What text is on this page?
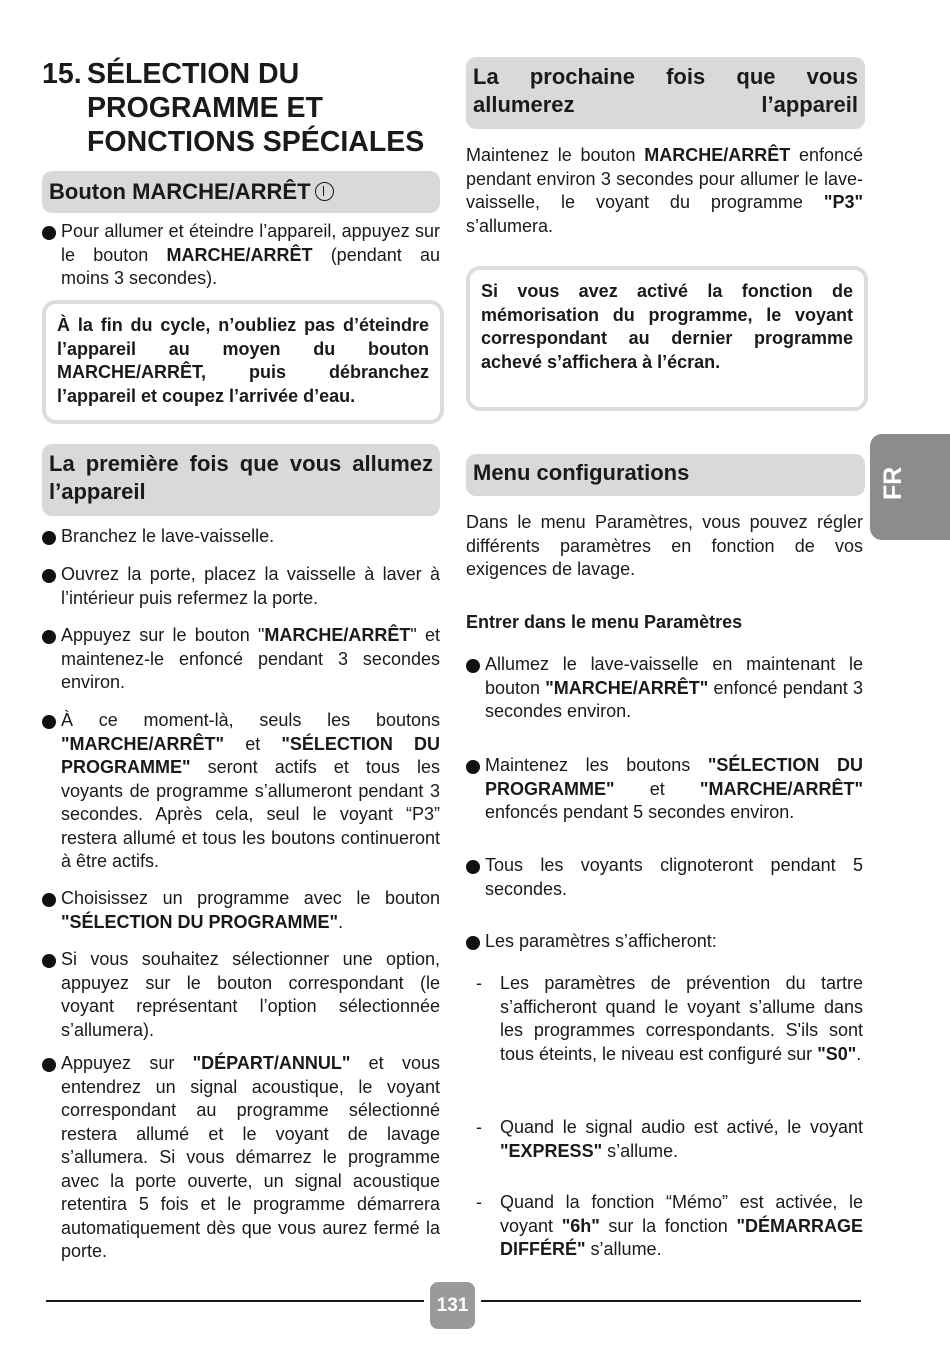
15. SÉLECTION DU
PROGRAMME ET
FONCTIONS SPÉCIALES
Bouton MARCHE/ARRÊT
Pour allumer et éteindre l’appareil, appuyez sur le bouton MARCHE/ARRÊT (pendant au moins 3 secondes).
À la fin du cycle, n’oubliez pas d’éteindre l’appareil au moyen du bouton MARCHE/ARRÊT, puis débranchez l’appareil et coupez l’arrivée d’eau.
La première fois que vous allumez l’appareil
Branchez le lave-vaisselle.
Ouvrez la porte, placez la vaisselle à laver à l’intérieur puis refermez la porte.
Appuyez sur le bouton "MARCHE/ARRÊT" et maintenez-le enfoncé pendant 3 secondes environ.
À ce moment-là, seuls les boutons "MARCHE/ARRÊT" et "SÉLECTION DU PROGRAMME" seront actifs et tous les voyants de programme s’allumeront pendant 3 secondes. Après cela, seul le voyant “P3” restera allumé et tous les boutons continueront à être actifs.
Choisissez un programme avec le bouton "SÉLECTION DU PROGRAMME".
Si vous souhaitez sélectionner une option, appuyez sur le bouton correspondant (le voyant représentant l’option sélectionnée s’allumera).
Appuyez sur "DÉPART/ANNUL" et vous entendrez un signal acoustique, le voyant correspondant au programme sélectionné restera allumé et le voyant de lavage s’allumera. Si vous démarrez le programme avec la porte ouverte, un signal acoustique retentira 5 fois et le programme démarrera automatiquement dès que vous aurez fermé la porte.
La prochaine fois que vous allumerez l’appareil
Maintenez le bouton MARCHE/ARRÊT enfoncé pendant environ 3 secondes pour allumer le lave-vaisselle, le voyant du programme "P3" s’allumera.
Si vous avez activé la fonction de mémorisation du programme, le voyant correspondant au dernier programme achevé s’affichera à l’écran.
Menu configurations
Dans le menu Paramètres, vous pouvez régler différents paramètres en fonction de vos exigences de lavage.
Entrer dans le menu Paramètres
Allumez le lave-vaisselle en maintenant le bouton "MARCHE/ARRÊT" enfoncé pendant 3 secondes environ.
Maintenez les boutons "SÉLECTION DU PROGRAMME" et "MARCHE/ARRÊT" enfoncés pendant 5 secondes environ.
Tous les voyants clignoteront pendant 5 secondes.
Les paramètres s’afficheront:
- Les paramètres de prévention du tartre s’afficheront quand le voyant s’allume dans les programmes correspondants. S'ils sont tous éteints, le niveau est configuré sur "S0".
- Quand le signal audio est activé, le voyant "EXPRESS" s’allume.
- Quand la fonction “Mémo” est activée, le voyant "6h" sur la fonction "DÉMARRAGE DIFFÉRÉ" s’allume.
FR
131
